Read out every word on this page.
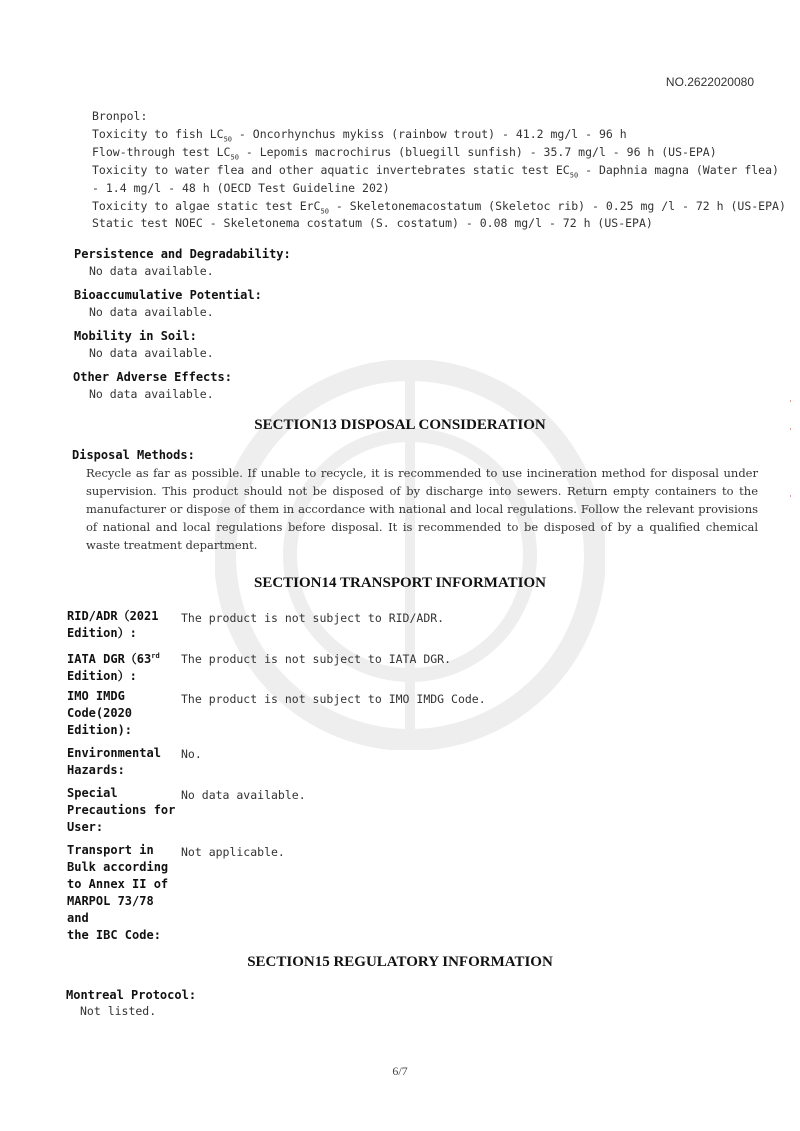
NO.2622020080
Bronpol:
Toxicity to fish $LC_{50}$ - Oncorhynchus mykiss (rainbow trout) - 41.2 mg/l - 96 h
Flow-through test $LC_{50}$ - Lepomis macrochirus (bluegill sunfish) - 35.7 mg/l - 96 h (US-EPA)
Toxicity to water flea and other aquatic invertebrates static test $EC_{50}$ - Daphnia magna (Water flea)
- 1.4 mg/l - 48 h (OECD Test Guideline 202)
Toxicity to algae static test ErC$_{50}$ - Skeletonemacostatum (Skeletoc rib) - 0.25 mg /l - 72 h (US-EPA)
Static test NOEC - Skeletonema costatum (S. costatum) - 0.08 mg/l - 72 h (US-EPA)
Persistence and Degradability:
No data available.
Bioaccumulative Potential:
No data available.
Mobility in Soil:
No data available.
Other Adverse Effects:
No data available.
SECTION13 DISPOSAL CONSIDERATION
Disposal Methods:
Recycle as far as possible. If unable to recycle, it is recommended to use incineration method for disposal under supervision. This product should not be disposed of by discharge into sewers. Return empty containers to the manufacturer or dispose of them in accordance with national and local regulations. Follow the relevant provisions of national and local regulations before disposal. It is recommended to be disposed of by a qualified chemical waste treatment department.
SECTION14 TRANSPORT INFORMATION
RID/ADR（2021
Edition）:
The product is not subject to RID/ADR.
IATA DGR（63rd
Edition）:
The product is not subject to IATA DGR.
IMO IMDG
Code(2020
Edition):
The product is not subject to IMO IMDG Code.
Environmental
Hazards:
No.
Special
Precautions for
User:
No data available.
Transport in
Bulk according
to Annex II of
MARPOL 73/78 and
the IBC Code:
Not applicable.
SECTION15 REGULATORY INFORMATION
Montreal Protocol:
Not listed.
˙
˙
˙
6/7
